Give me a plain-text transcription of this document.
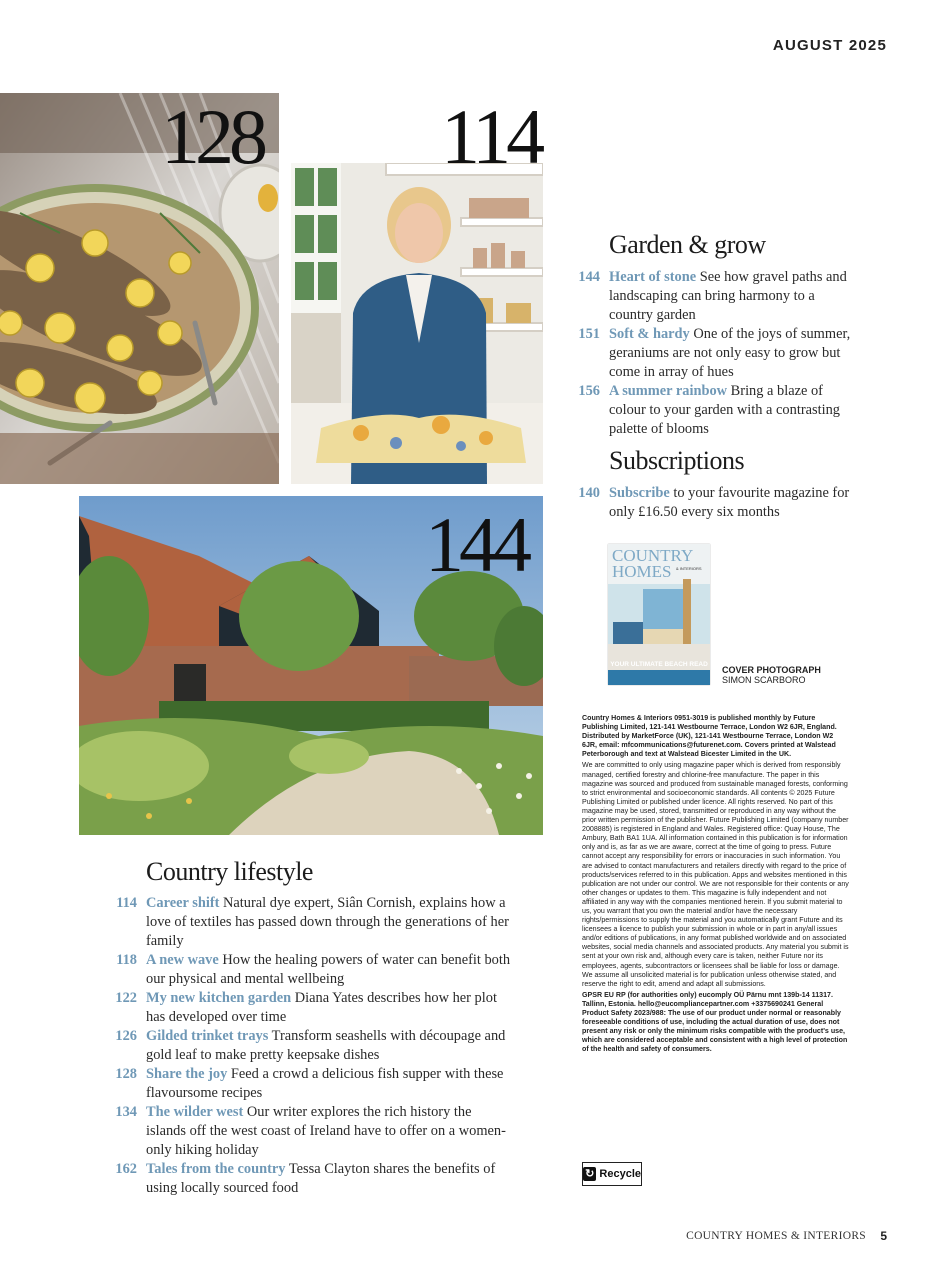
AUGUST 2025
128 114
144
Garden & grow

144 Heart of stone See how gravel paths and landscaping can bring harmony to a country garden

151 Soft & hardy One of the joys of summer, geraniums are not only easy to grow but come in array of hues

156 A summer rainbow Bring a blaze of colour to your garden with a contrasting palette of blooms

Subscriptions

140 Subscribe to your favourite magazine for only £16.50 every six months

COUNTRY
HOMES & INTERIORS
YOUR ULTIMATE BEACH READ
COVER PHOTOGRAPH
SIMON SCARBORO

Country Homes & Interiors 0951-3019 is published monthly by Future Publishing Limited, 121-141 Westbourne Terrace, London W2 6JR, England. Distributed by MarketForce (UK), 121-141 Westbourne Terrace, London W2 6JR, email: mfcommunications@futurenet.com. Covers printed at Walstead Peterborough and text at Walstead Bicester Limited in the UK.

We are committed to only using magazine paper which is derived from responsibly managed, certified forestry and chlorine-free manufacture. The paper in this magazine was sourced and produced from sustainable managed forests, conforming to strict environmental and socioeconomic standards. All contents © 2025 Future Publishing Limited or published under licence. All rights reserved. No part of this magazine may be used, stored, transmitted or reproduced in any way without the prior written permission of the publisher. Future Publishing Limited (company number 2008885) is registered in England and Wales. Registered office: Quay House, The Ambury, Bath BA1 1UA. All information contained in this publication is for information only and is, as far as we are aware, correct at the time of going to press. Future cannot accept any responsibility for errors or inaccuracies in such information. You are advised to contact manufacturers and retailers directly with regard to the price of products/services referred to in this publication. Apps and websites mentioned in this publication are not under our control. We are not responsible for their contents or any other changes or updates to them. This magazine is fully independent and not affiliated in any way with the companies mentioned herein. If you submit material to us, you warrant that you own the material and/or have the necessary rights/permissions to supply the material and you automatically grant Future and its licensees a licence to publish your submission in whole or in part in any/all issues and/or editions of publications, in any format published worldwide and on associated websites, social media channels and associated products. Any material you submit is sent at your own risk and, although every care is taken, neither Future nor its employees, agents, subcontractors or licensees shall be liable for loss or damage. We assume all unsolicited material is for publication unless otherwise stated, and reserve the right to edit, amend and adapt all submissions.

GPSR EU RP (for authorities only) eucomply OÜ Pärnu mnt 139b-14 11317. Tallinn, Estonia. hello@eucompliancepartner.com +3375690241 General Product Safety 2023/988: The use of our product under normal or reasonably foreseeable conditions of use, including the actual duration of use, does not present any risk or only the minimum risks compatible with the product's use, which are considered acceptable and consistent with a high level of protection of the health and safety of consumers.

↻ Recycle
Country lifestyle

114 Career shift Natural dye expert, Siân Cornish, explains how a love of textiles has passed down through the generations of her family

118 A new wave How the healing powers of water can benefit both our physical and mental wellbeing

122 My new kitchen garden Diana Yates describes how her plot has developed over time

126 Gilded trinket trays Transform seashells with découpage and gold leaf to make pretty keepsake dishes

128 Share the joy Feed a crowd a delicious fish supper with these flavoursome recipes

134 The wilder west Our writer explores the rich history the islands off the west coast of Ireland have to offer on a women-only hiking holiday

162 Tales from the country Tessa Clayton shares the benefits of using locally sourced food

COUNTRY HOMES & INTERIORS 5
